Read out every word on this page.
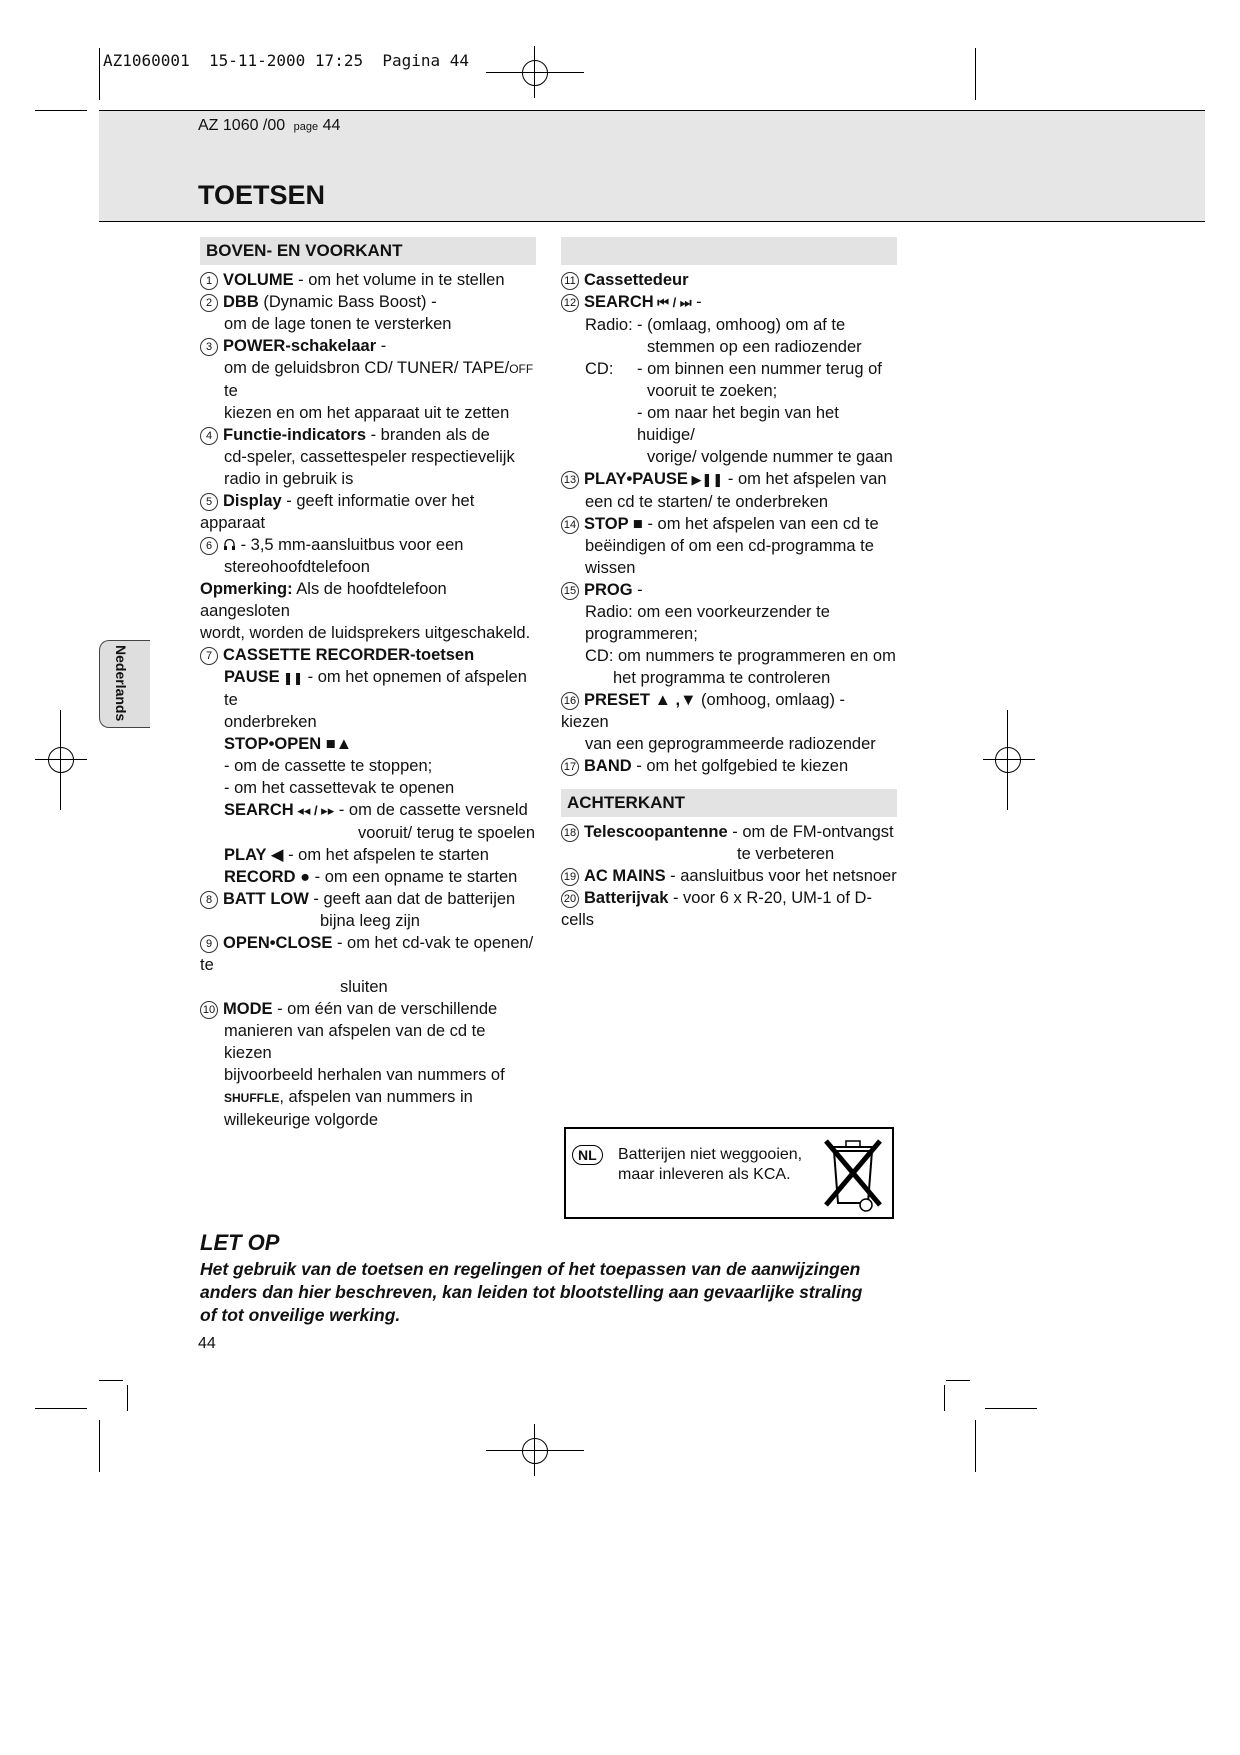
AZ1060001  15-11-2000 17:25  Pagina 44
AZ 1060 /00 page 44
TOETSEN
Nederlands
BOVEN- EN VOORKANT

1 VOLUME - om het volume in te stellen

2 DBB (Dynamic Bass Boost) -

om de lage tonen te versterken

3 POWER-schakelaar -

om de geluidsbron CD/ TUNER/ TAPE/OFF te

kiezen en om het apparaat uit te zetten

4 Functie-indicators - branden als de

cd-speler, cassettespeler respectievelijk

radio in gebruik is

5 Display - geeft informatie over het apparaat

6 - 3,5 mm-aansluitbus voor een

stereohoofdtelefoon

Opmerking: Als de hoofdtelefoon aangesloten

wordt, worden de luidsprekers uitgeschakeld.

7 CASSETTE RECORDER-toetsen

PAUSE ❚❚ - om het opnemen of afspelen te

onderbreken

STOP•OPEN ■▲

- om de cassette te stoppen;

- om het cassettevak te openen

SEARCH ◂◂ / ▸▸ - om de cassette versneld

vooruit/ terug te spoelen

PLAY ◀ - om het afspelen te starten

RECORD ● - om een opname te starten

8 BATT LOW - geeft aan dat de batterijen

bijna leeg zijn

9 OPEN•CLOSE - om het cd-vak te openen/ te

sluiten

10 MODE - om één van de verschillende

manieren van afspelen van de cd te kiezen

bijvoorbeeld herhalen van nummers of

SHUFFLE, afspelen van nummers in

willekeurige volgorde

11 Cassettedeur

12 SEARCH ⏮ / ⏭ -

Radio: - (omlaag, omhoog) om af te

stemmen op een radiozender

CD: - om binnen een nummer terug of

vooruit te zoeken;

- om naar het begin van het huidige/

vorige/ volgende nummer te gaan

13 PLAY•PAUSE ▶❚❚ - om het afspelen van

een cd te starten/ te onderbreken

14 STOP ■ - om het afspelen van een cd te

beëindigen of om een cd-programma te

wissen

15 PROG -

Radio: om een voorkeurzender te

programmeren;

CD: om nummers te programmeren en om

het programma te controleren

16 PRESET ▲ ,▼ (omhoog, omlaag) - kiezen

van een geprogrammeerde radiozender

17 BAND - om het golfgebied te kiezen

ACHTERKANT

18 Telescoopantenne - om de FM-ontvangst

te verbeteren

19 AC MAINS - aansluitbus voor het netsnoer

20 Batterijvak - voor 6 x R-20, UM-1 of D-cells

NL	Batterijen niet weggooien,
maar inleveren als KCA.
LET OP
Het gebruik van de toetsen en regelingen of het toepassen van de aanwijzingen
anders dan hier beschreven, kan leiden tot blootstelling aan gevaarlijke straling
of tot onveilige werking.
44
